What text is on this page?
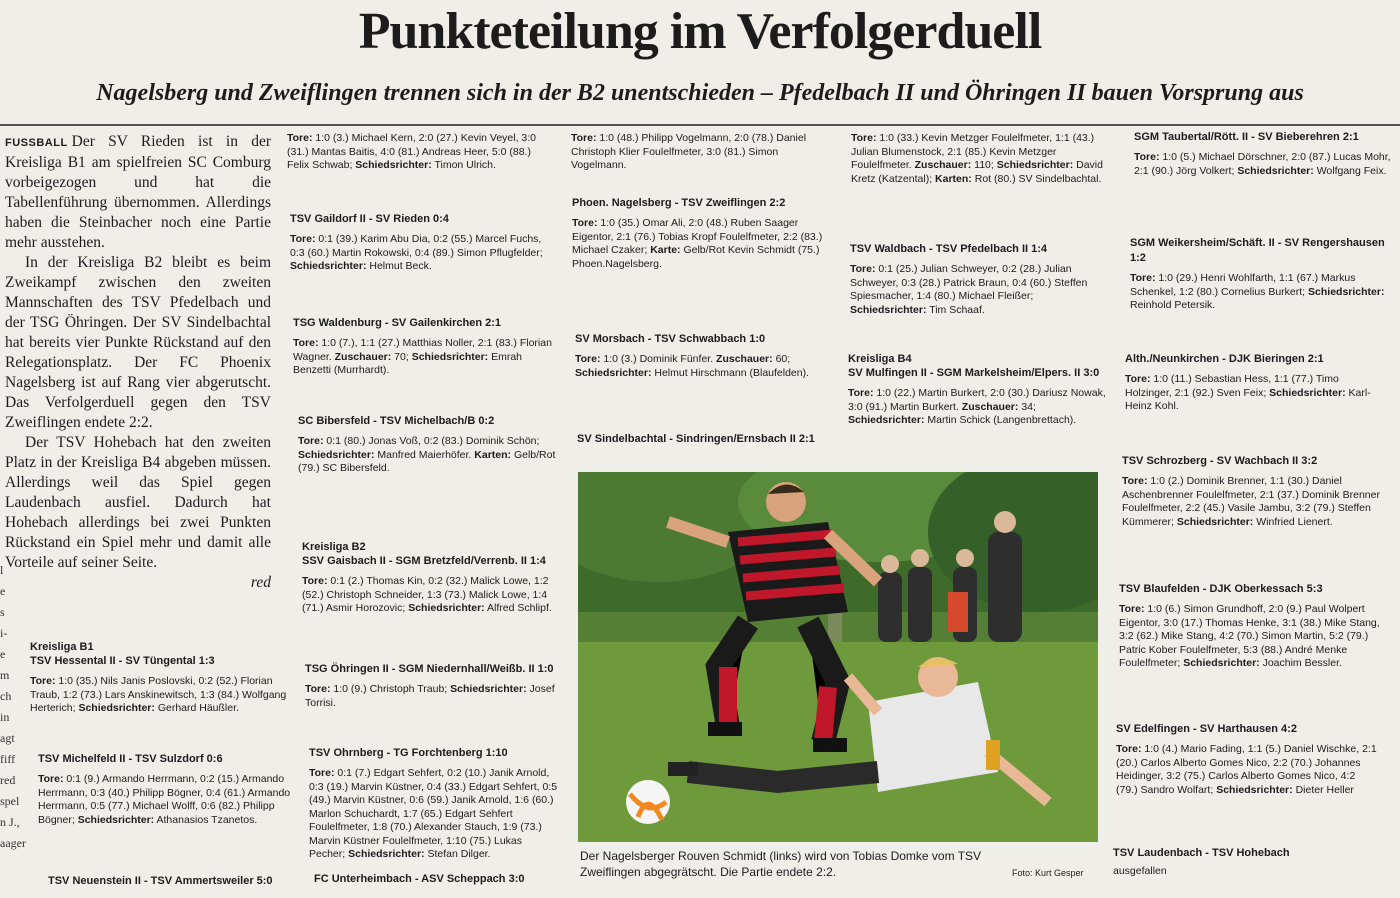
Punkteteilung im Verfolgerduell
Nagelsberg und Zweiflingen trennen sich in der B2 unentschieden – Pfedelbach II und Öhringen II bauen Vorsprung aus

FUSSBALL Der SV Rieden ist in der Kreisliga B1 am spielfreien SC Comburg vorbeigezogen und hat die Tabellenführung übernommen. Allerdings haben die Steinbacher noch eine Partie mehr ausstehen.

In der Kreisliga B2 bleibt es beim Zweikampf zwischen den zweiten Mannschaften des TSV Pfedelbach und der TSG Öhringen. Der SV Sindelbachtal hat bereits vier Punkte Rückstand auf den Relegationsplatz. Der FC Phoenix Nagelsberg ist auf Rang vier abgerutscht. Das Verfolgerduell gegen den TSV Zweiflingen endete 2:2.

Der TSV Hohebach hat den zweiten Platz in der Kreisliga B4 abgeben müssen. Allerdings weil das Spiel gegen Laudenbach ausfiel. Dadurch hat Hohebach allerdings bei zwei Punkten Rückstand ein Spiel mehr und damit alle Vorteile auf seiner Seite.
red

l
e
s
i-
e
m
ch
in
agt
fiff
red
spel
n J.,
aager
Kreisliga B1
TSV Hessental II - SV Tüngental 1:3
Tore: 1:0 (35.) Nils Janis Poslovski, 0:2 (52.) Florian Traub, 1:2 (73.) Lars Anskinewitsch, 1:3 (84.) Wolfgang Herterich; Schiedsrichter: Gerhard Häußler.
TSV Michelfeld II - TSV Sulzdorf 0:6
Tore: 0:1 (9.) Armando Herrmann, 0:2 (15.) Armando Herrmann, 0:3 (40.) Philipp Bögner, 0:4 (61.) Armando Herrmann, 0:5 (77.) Michael Wolff, 0:6 (82.) Philipp Bögner; Schiedsrichter: Athanasios Tzanetos.
TSV Neuenstein II - TSV Ammertsweiler 5:0
Tore: 1:0 (3.) Michael Kern, 2:0 (27.) Kevin Veyel, 3:0 (31.) Mantas Baitis, 4:0 (81.) Andreas Heer, 5:0 (88.) Felix Schwab; Schiedsrichter: Timon Ulrich.
TSV Gaildorf II - SV Rieden 0:4
Tore: 0:1 (39.) Karim Abu Dia, 0:2 (55.) Marcel Fuchs, 0:3 (60.) Martin Rokowski, 0:4 (89.) Simon Pflugfelder; Schiedsrichter: Helmut Beck.
TSG Waldenburg - SV Gailenkirchen 2:1
Tore: 1:0 (7.), 1:1 (27.) Matthias Noller, 2:1 (83.) Florian Wagner. Zuschauer: 70; Schiedsrichter: Emrah Benzetti (Murrhardt).
SC Bibersfeld - TSV Michelbach/B 0:2
Tore: 0:1 (80.) Jonas Voß, 0:2 (83.) Dominik Schön; Schiedsrichter: Manfred Maierhöfer. Karten: Gelb/Rot (79.) SC Bibersfeld.
Kreisliga B2
SSV Gaisbach II - SGM Bretzfeld/Verrenb. II 1:4
Tore: 0:1 (2.) Thomas Kin, 0:2 (32.) Malick Lowe, 1:2 (52.) Christoph Schneider, 1:3 (73.) Malick Lowe, 1:4 (71.) Asmir Horozovic; Schiedsrichter: Alfred Schlipf.
TSG Öhringen II - SGM Niedernhall/Weißb. II 1:0
Tore: 1:0 (9.) Christoph Traub; Schiedsrichter: Josef Torrisi.
TSV Ohrnberg - TG Forchtenberg 1:10
Tore: 0:1 (7.) Edgart Sehfert, 0:2 (10.) Janik Arnold, 0:3 (19.) Marvin Küstner, 0:4 (33.) Edgart Sehfert, 0:5 (49.) Marvin Küstner, 0:6 (59.) Janik Arnold, 1:6 (60.) Marlon Schuchardt, 1:7 (65.) Edgart Sehfert Foulelfmeter, 1:8 (70.) Alexander Stauch, 1:9 (73.) Marvin Küstner Foulelfmeter, 1:10 (75.) Lukas Pecher; Schiedsrichter: Stefan Dilger.
FC Unterheimbach - ASV Scheppach 3:0
Tore: 1:0 (48.) Philipp Vogelmann, 2:0 (78.) Daniel Christoph Klier Foulelfmeter, 3:0 (81.) Simon Vogelmann.
Phoen. Nagelsberg - TSV Zweiflingen 2:2
Tore: 1:0 (35.) Omar Ali, 2:0 (48.) Ruben Saager Eigentor, 2:1 (76.) Tobias Kropf Foulelfmeter, 2:2 (83.) Michael Czaker; Karte: Gelb/Rot Kevin Schmidt (75.) Phoen.Nagelsberg.
SV Morsbach - TSV Schwabbach 1:0
Tore: 1:0 (3.) Dominik Fünfer. Zuschauer: 60; Schiedsrichter: Helmut Hirschmann (Blaufelden).
SV Sindelbachtal - Sindringen/Ernsbach II 2:1
Tore: 1:0 (33.) Kevin Metzger Foulelfmeter, 1:1 (43.) Julian Blumenstock, 2:1 (85.) Kevin Metzger Foulelfmeter. Zuschauer: 110; Schiedsrichter: David Kretz (Katzental); Karten: Rot (80.) SV Sindelbachtal.
TSV Waldbach - TSV Pfedelbach II 1:4
Tore: 0:1 (25.) Julian Schweyer, 0:2 (28.) Julian Schweyer, 0:3 (28.) Patrick Braun, 0:4 (60.) Steffen Spiesmacher, 1:4 (80.) Michael Fleißer; Schiedsrichter: Tim Schaaf.
Kreisliga B4
SV Mulfingen II - SGM Markelsheim/Elpers. II 3:0
Tore: 1:0 (22.) Martin Burkert, 2:0 (30.) Dariusz Nowak, 3:0 (91.) Martin Burkert. Zuschauer: 34; Schiedsrichter: Martin Schick (Langenbrettach).
SGM Taubertal/Rött. II - SV Bieberehren 2:1
Tore: 1:0 (5.) Michael Dörschner, 2:0 (87.) Lucas Mohr, 2:1 (90.) Jörg Volkert; Schiedsrichter: Wolfgang Feix.
SGM Weikersheim/Schäft. II - SV Rengershausen 1:2
Tore: 1:0 (29.) Henri Wohlfarth, 1:1 (67.) Markus Schenkel, 1:2 (80.) Cornelius Burkert; Schiedsrichter: Reinhold Petersik.
Alth./Neunkirchen - DJK Bieringen 2:1
Tore: 1:0 (11.) Sebastian Hess, 1:1 (77.) Timo Holzinger, 2:1 (92.) Sven Feix; Schiedsrichter: Karl-Heinz Kohl.
TSV Schrozberg - SV Wachbach II 3:2
Tore: 1:0 (2.) Dominik Brenner, 1:1 (30.) Daniel Aschenbrenner Foulelfmeter, 2:1 (37.) Dominik Brenner Foulelfmeter, 2:2 (45.) Vasile Jambu, 3:2 (79.) Steffen Kümmerer; Schiedsrichter: Winfried Lienert.
TSV Blaufelden - DJK Oberkessach 5:3
Tore: 1:0 (6.) Simon Grundhoff, 2:0 (9.) Paul Wolpert Eigentor, 3:0 (17.) Thomas Henke, 3:1 (38.) Mike Stang, 3:2 (62.) Mike Stang, 4:2 (70.) Simon Martin, 5:2 (79.) Patric Kober Foulelfmeter, 5:3 (88.) André Menke Foulelfmeter; Schiedsrichter: Joachim Bessler.
SV Edelfingen - SV Harthausen 4:2
Tore: 1:0 (4.) Mario Fading, 1:1 (5.) Daniel Wischke, 2:1 (20.) Carlos Alberto Gomes Nico, 2:2 (70.) Johannes Heidinger, 3:2 (75.) Carlos Alberto Gomes Nico, 4:2 (79.) Sandro Wolfart; Schiedsrichter: Dieter Heller
TSV Laudenbach - TSV Hohebach
ausgefallen
Der Nagelsberger Rouven Schmidt (links) wird von Tobias Domke vom TSV Zweiflingen abgegrätscht. Die Partie endete 2:2.	Foto: Kurt Gesper
